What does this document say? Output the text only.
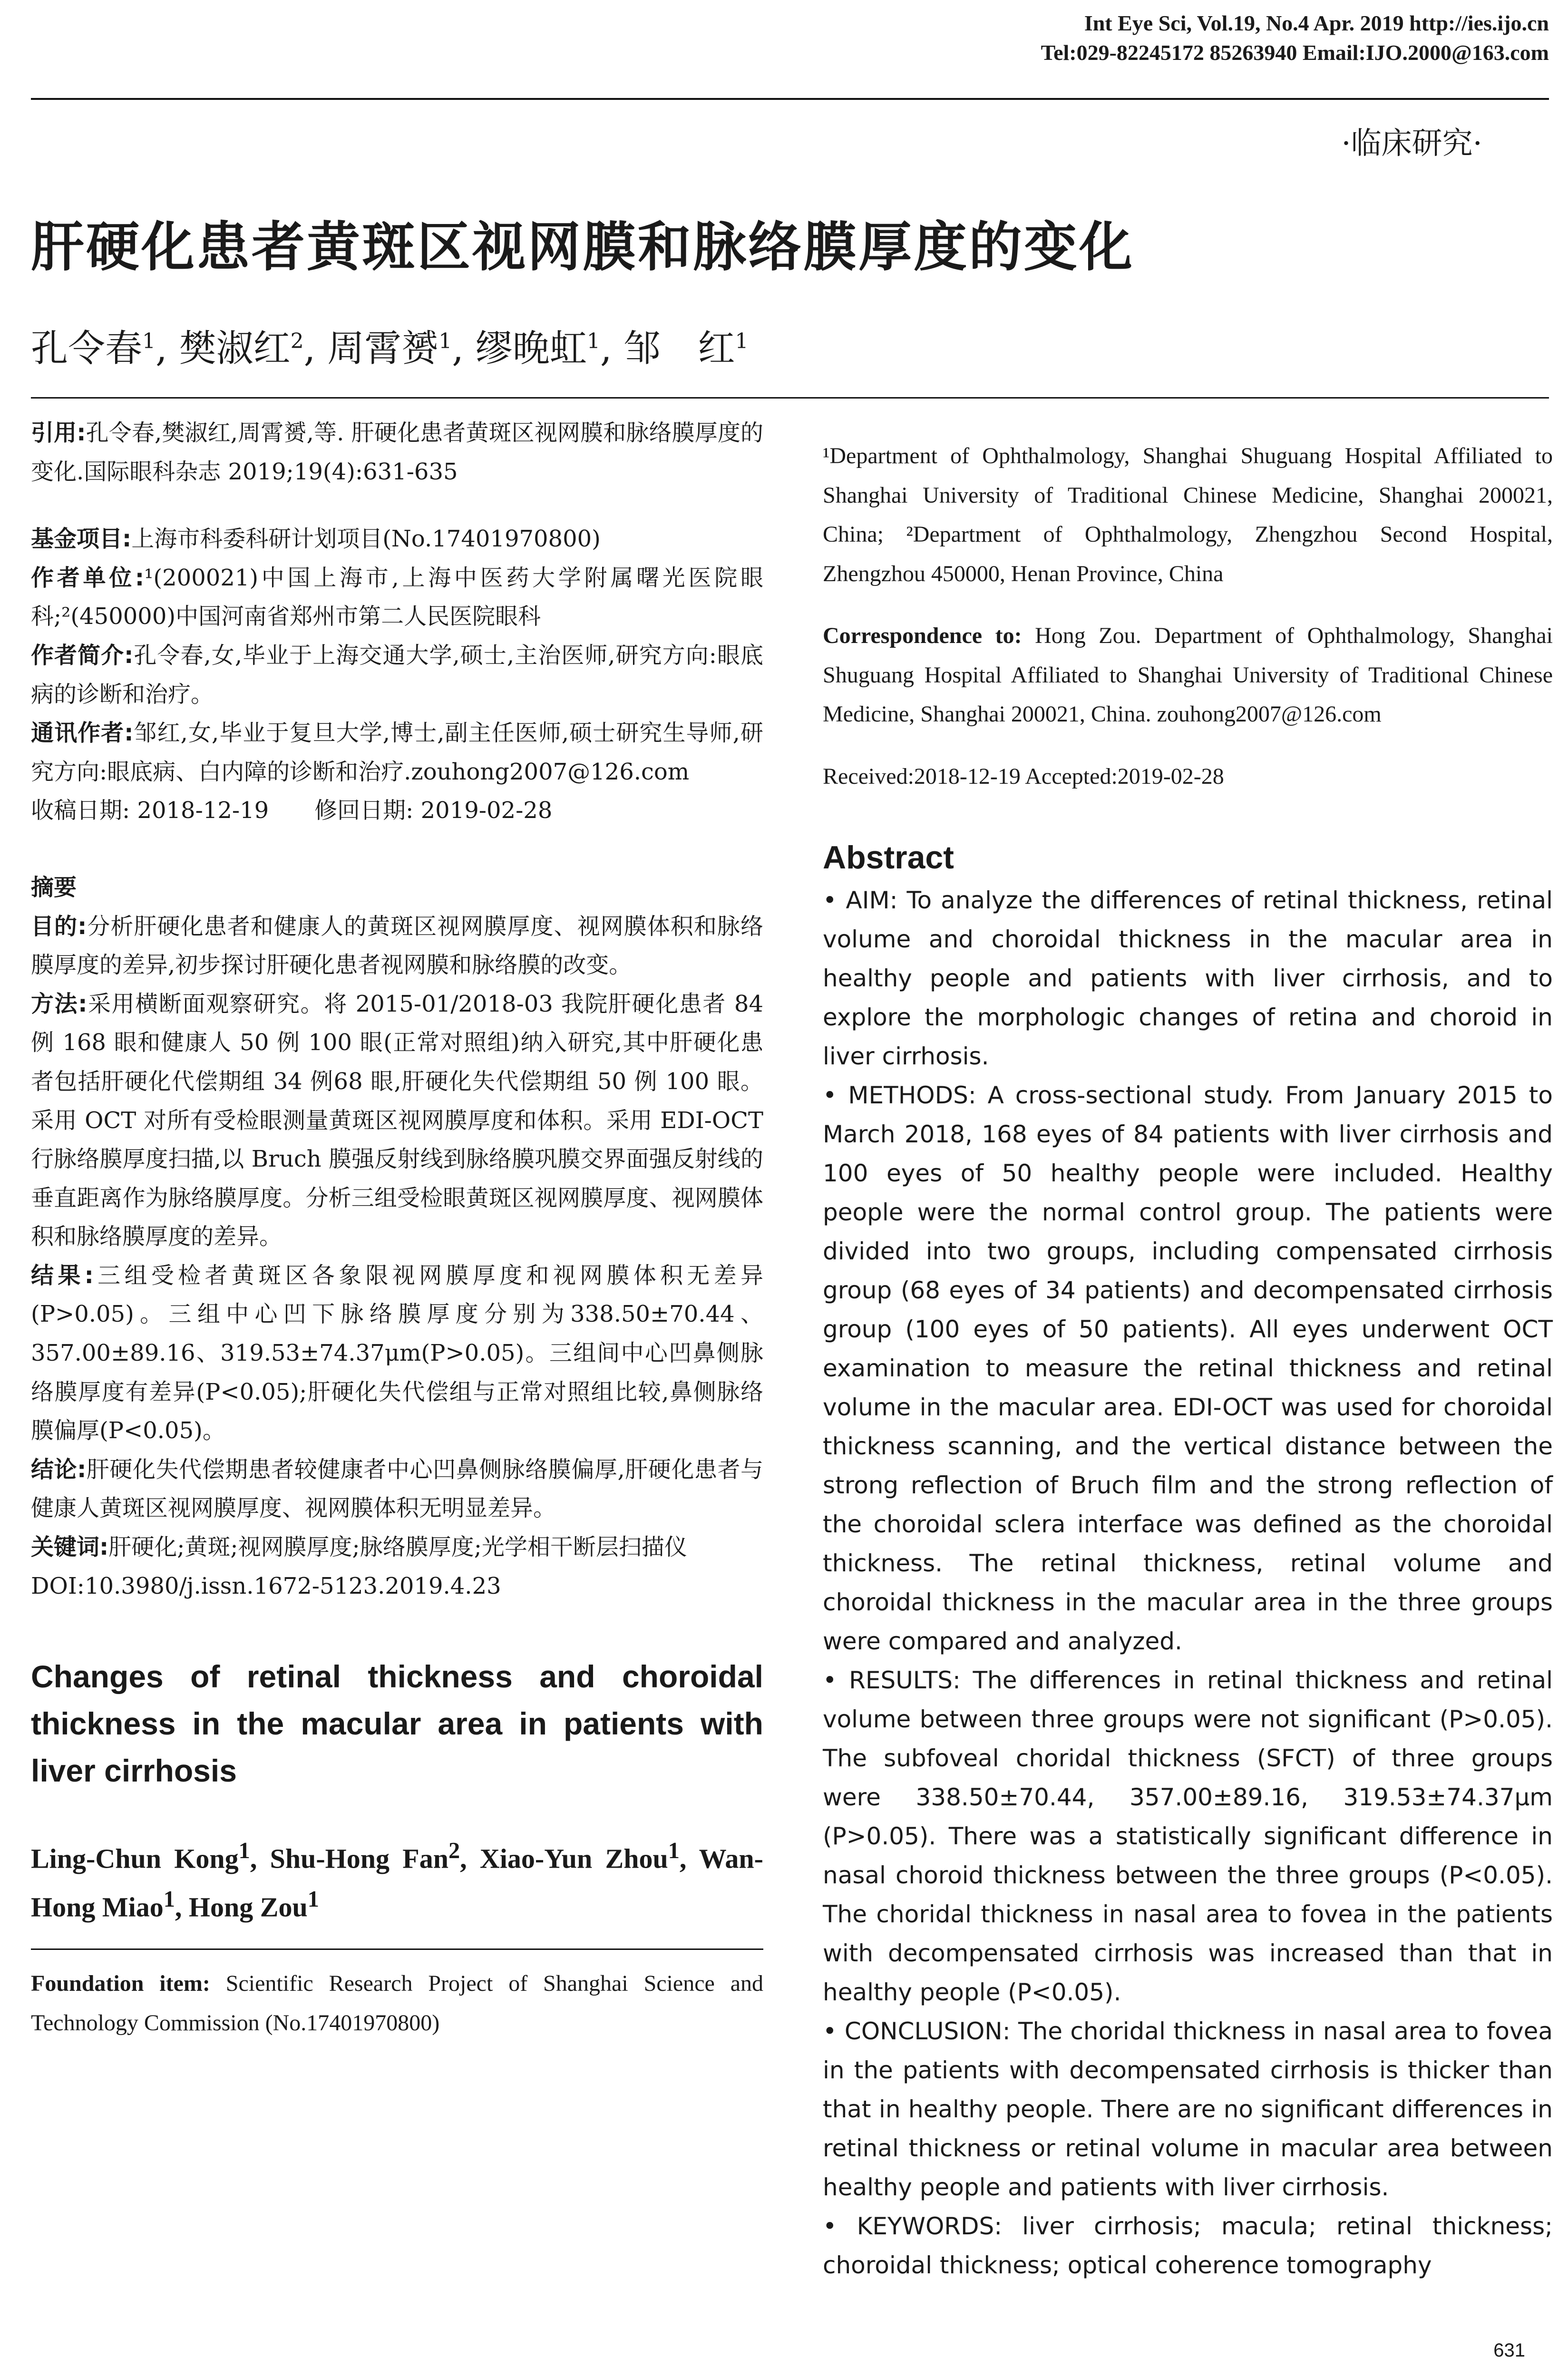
Int Eye Sci, Vol.19, No.4 Apr. 2019 http://ies.ijo.cn
Tel:029-82245172 85263940 Email:IJO.2000@163.com
·临床研究·
肝硬化患者黄斑区视网膜和脉络膜厚度的变化
孔令春$^1$, 樊淑红$^2$, 周霄赟$^1$, 缪晚虹$^1$, 邹　红$^1$

引用:孔令春,樊淑红,周霄赟,等. 肝硬化患者黄斑区视网膜和脉络膜厚度的变化.国际眼科杂志 2019;19(4):631-635

基金项目:上海市科委科研计划项目(No.17401970800)

作者单位:¹(200021)中国上海市,上海中医药大学附属曙光医院眼科;²(450000)中国河南省郑州市第二人民医院眼科

作者简介:孔令春,女,毕业于上海交通大学,硕士,主治医师,研究方向:眼底病的诊断和治疗。

通讯作者:邹红,女,毕业于复旦大学,博士,副主任医师,硕士研究生导师,研究方向:眼底病、白内障的诊断和治疗.zouhong2007@126.com

收稿日期: 2018-12-19　　修回日期: 2019-02-28

摘要

目的:分析肝硬化患者和健康人的黄斑区视网膜厚度、视网膜体积和脉络膜厚度的差异,初步探讨肝硬化患者视网膜和脉络膜的改变。

方法:采用横断面观察研究。将 2015-01/2018-03 我院肝硬化患者 84 例 168 眼和健康人 50 例 100 眼(正常对照组)纳入研究,其中肝硬化患者包括肝硬化代偿期组 34 例68 眼,肝硬化失代偿期组 50 例 100 眼。采用 OCT 对所有受检眼测量黄斑区视网膜厚度和体积。采用 EDI-OCT 行脉络膜厚度扫描,以 Bruch 膜强反射线到脉络膜巩膜交界面强反射线的垂直距离作为脉络膜厚度。分析三组受检眼黄斑区视网膜厚度、视网膜体积和脉络膜厚度的差异。

结果:三组受检者黄斑区各象限视网膜厚度和视网膜体积无差异(P>0.05)。三组中心凹下脉络膜厚度分别为338.50±70.44、357.00±89.16、319.53±74.37μm(P>0.05)。三组间中心凹鼻侧脉络膜厚度有差异(P<0.05);肝硬化失代偿组与正常对照组比较,鼻侧脉络膜偏厚(P<0.05)。

结论:肝硬化失代偿期患者较健康者中心凹鼻侧脉络膜偏厚,肝硬化患者与健康人黄斑区视网膜厚度、视网膜体积无明显差异。

关键词:肝硬化;黄斑;视网膜厚度;脉络膜厚度;光学相干断层扫描仪

DOI:10.3980/j.issn.1672-5123.2019.4.23

Changes of retinal thickness and choroidal thickness in the macular area in patients with liver cirrhosis

Ling-Chun Kong$^1$, Shu-Hong Fan$^2$, Xiao-Yun Zhou$^1$, Wan-Hong Miao$^1$, Hong Zou$^1$

Foundation item: Scientific Research Project of Shanghai Science and Technology Commission (No.17401970800)

¹Department of Ophthalmology, Shanghai Shuguang Hospital Affiliated to Shanghai University of Traditional Chinese Medicine, Shanghai 200021, China; ²Department of Ophthalmology, Zhengzhou Second Hospital, Zhengzhou 450000, Henan Province, China

Correspondence to: Hong Zou. Department of Ophthalmology, Shanghai Shuguang Hospital Affiliated to Shanghai University of Traditional Chinese Medicine, Shanghai 200021, China. zouhong2007@126.com

Received:2018-12-19 Accepted:2019-02-28

Abstract

• AIM: To analyze the differences of retinal thickness, retinal volume and choroidal thickness in the macular area in healthy people and patients with liver cirrhosis, and to explore the morphologic changes of retina and choroid in liver cirrhosis.

• METHODS: A cross-sectional study. From January 2015 to March 2018, 168 eyes of 84 patients with liver cirrhosis and 100 eyes of 50 healthy people were included. Healthy people were the normal control group. The patients were divided into two groups, including compensated cirrhosis group (68 eyes of 34 patients) and decompensated cirrhosis group (100 eyes of 50 patients). All eyes underwent OCT examination to measure the retinal thickness and retinal volume in the macular area. EDI-OCT was used for choroidal thickness scanning, and the vertical distance between the strong reflection of Bruch film and the strong reflection of the choroidal sclera interface was defined as the choroidal thickness. The retinal thickness, retinal volume and choroidal thickness in the macular area in the three groups were compared and analyzed.

• RESULTS: The differences in retinal thickness and retinal volume between three groups were not significant (P>0.05). The subfoveal choridal thickness (SFCT) of three groups were 338.50±70.44, 357.00±89.16, 319.53±74.37μm (P>0.05). There was a statistically significant difference in nasal choroid thickness between the three groups (P<0.05). The choridal thickness in nasal area to fovea in the patients with decompensated cirrhosis was increased than that in healthy people (P<0.05).

• CONCLUSION: The choridal thickness in nasal area to fovea in the patients with decompensated cirrhosis is thicker than that in healthy people. There are no significant differences in retinal thickness or retinal volume in macular area between healthy people and patients with liver cirrhosis.

• KEYWORDS: liver cirrhosis; macula; retinal thickness; choroidal thickness; optical coherence tomography

631
